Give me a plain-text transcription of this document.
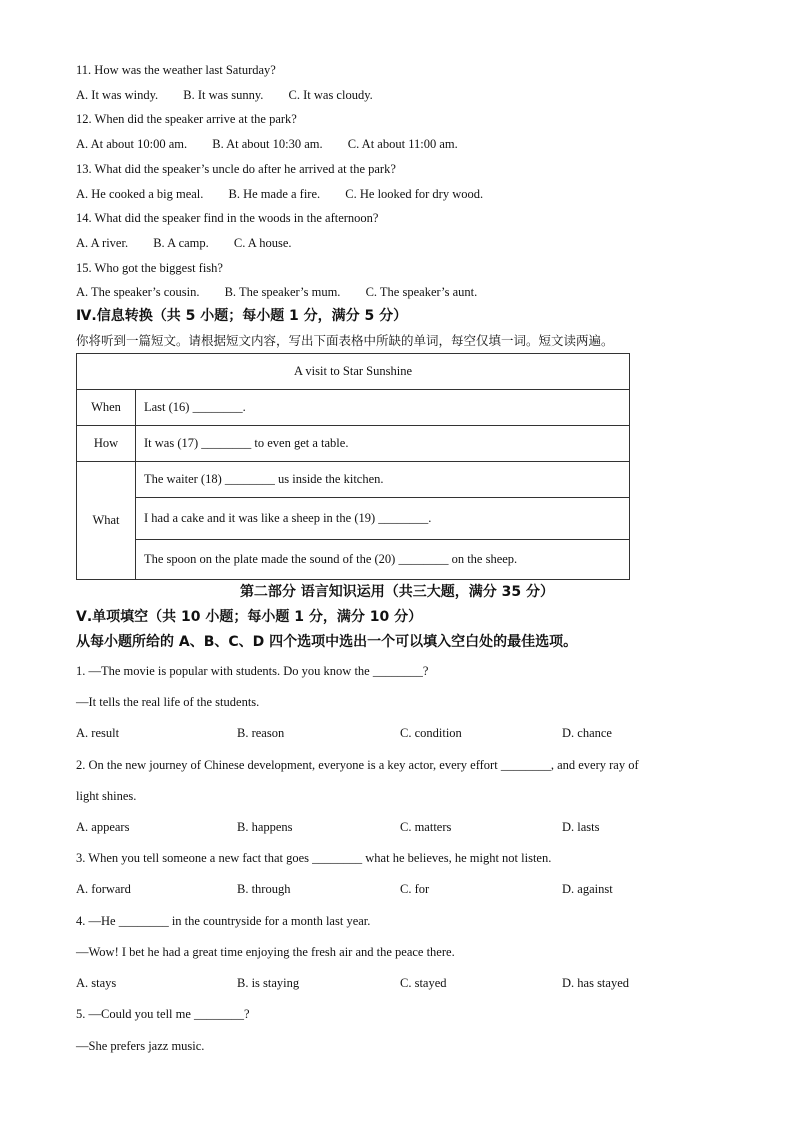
11. How was the weather last Saturday?
A. It was windy. B. It was sunny. C. It was cloudy.
12. When did the speaker arrive at the park?
A. At about 10:00 am. B. At about 10:30 am. C. At about 11:00 am.
13. What did the speaker’s uncle do after he arrived at the park?
A. He cooked a big meal. B. He made a fire. C. He looked for dry wood.
14. What did the speaker find in the woods in the afternoon?
A. A river. B. A camp. C. A house.
15. Who got the biggest fish?
A. The speaker’s cousin. B. The speaker’s mum. C. The speaker’s aunt.
Ⅳ.信息转换（共 5 小题；每小题 1 分，满分 5 分）
你将听到一篇短文。请根据短文内容，写出下面表格中所缺的单词，每空仅填一词。短文读两遍。
A visit to Star Sunshine	
When	Last (16) ________.
How	It was (17) ________ to even get a table.
What	The waiter (18) ________ us inside the kitchen.
	I had a cake and it was like a sheep in the (19) ________.
	The spoon on the plate made the sound of the (20) ________ on the sheep.
第二部分 语言知识运用（共三大题，满分 35 分）
Ⅴ.单项填空（共 10 小题；每小题 1 分，满分 10 分）
从每小题所给的 A、B、C、D 四个选项中选出一个可以填入空白处的最佳选项。
1. —The movie is popular with students. Do you know the ________?
—It tells the real life of the students.
A. result	B. reason	C. condition	D. chance
2. On the new journey of Chinese development, everyone is a key actor, every effort ________, and every ray of
light shines.
A. appears	B. happens	C. matters	D. lasts
3. When you tell someone a new fact that goes ________ what he believes, he might not listen.
A. forward	B. through	C. for	D. against
4. —He ________ in the countryside for a month last year.
—Wow! I bet he had a great time enjoying the fresh air and the peace there.
A. stays	B. is staying	C. stayed	D. has stayed
5. —Could you tell me ________?
—She prefers jazz music.
